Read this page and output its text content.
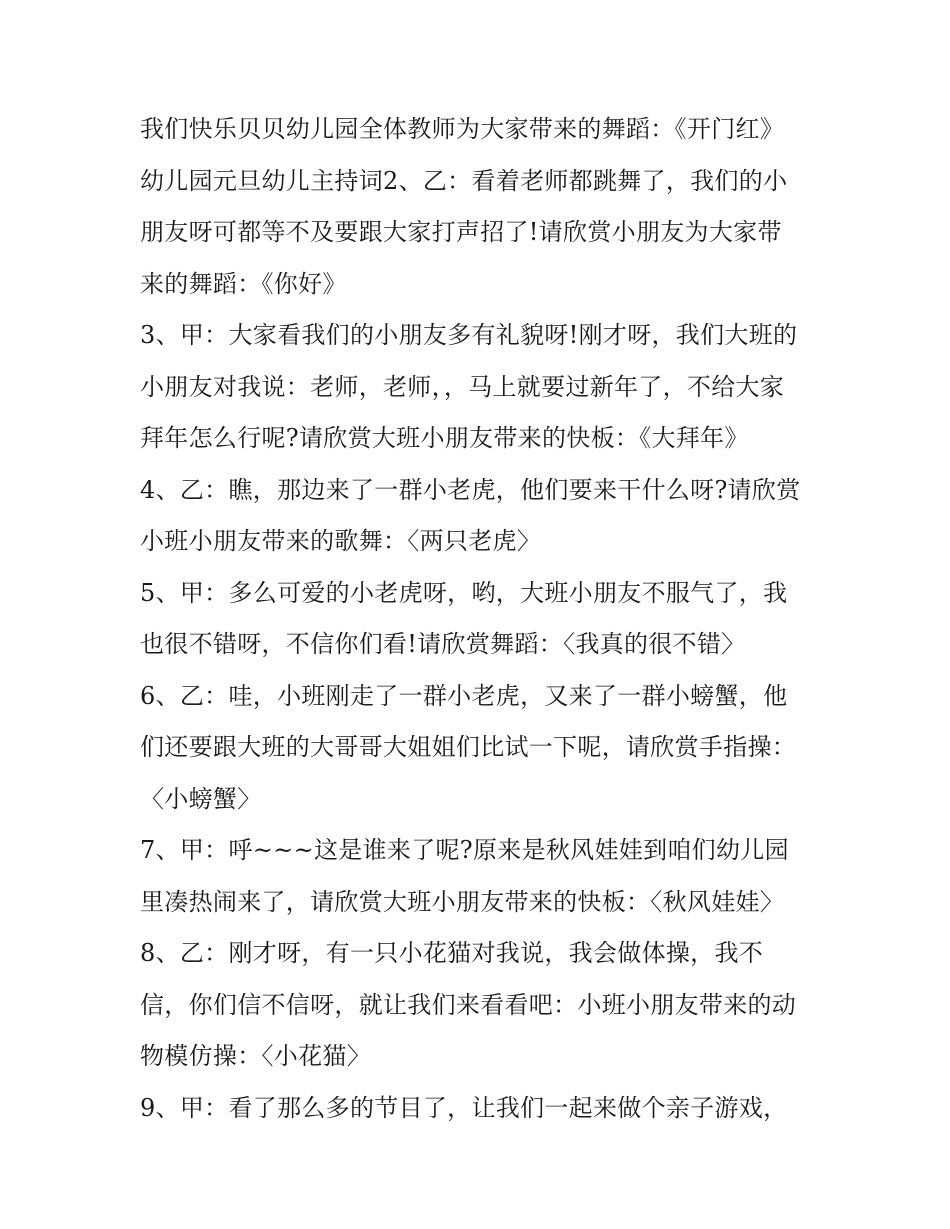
我们快乐贝贝幼儿园全体教师为大家带来的舞蹈：《开门红》
幼儿园元旦幼儿主持词2、乙：看着老师都跳舞了，我们的小
朋友呀可都等不及要跟大家打声招了!请欣赏小朋友为大家带
来的舞蹈：《你好》
3、甲：大家看我们的小朋友多有礼貌呀!刚才呀，我们大班的
小朋友对我说：老师，老师，，马上就要过新年了，不给大家
拜年怎么行呢?请欣赏大班小朋友带来的快板：《大拜年》
4、乙：瞧，那边来了一群小老虎，他们要来干什么呀?请欣赏
小班小朋友带来的歌舞：〈两只老虎〉
5、甲：多么可爱的小老虎呀，哟，大班小朋友不服气了，我
也很不错呀，不信你们看!请欣赏舞蹈：〈我真的很不错〉
6、乙：哇，小班刚走了一群小老虎，又来了一群小螃蟹，他
们还要跟大班的大哥哥大姐姐们比试一下呢，请欣赏手指操：
〈小螃蟹〉
7、甲：呼~~~这是谁来了呢?原来是秋风娃娃到咱们幼儿园
里凑热闹来了，请欣赏大班小朋友带来的快板：〈秋风娃娃〉
8、乙：刚才呀，有一只小花猫对我说，我会做体操，我不
信，你们信不信呀，就让我们来看看吧：小班小朋友带来的动
物模仿操：〈小花猫〉
9、甲：看了那么多的节目了，让我们一起来做个亲子游戏，
